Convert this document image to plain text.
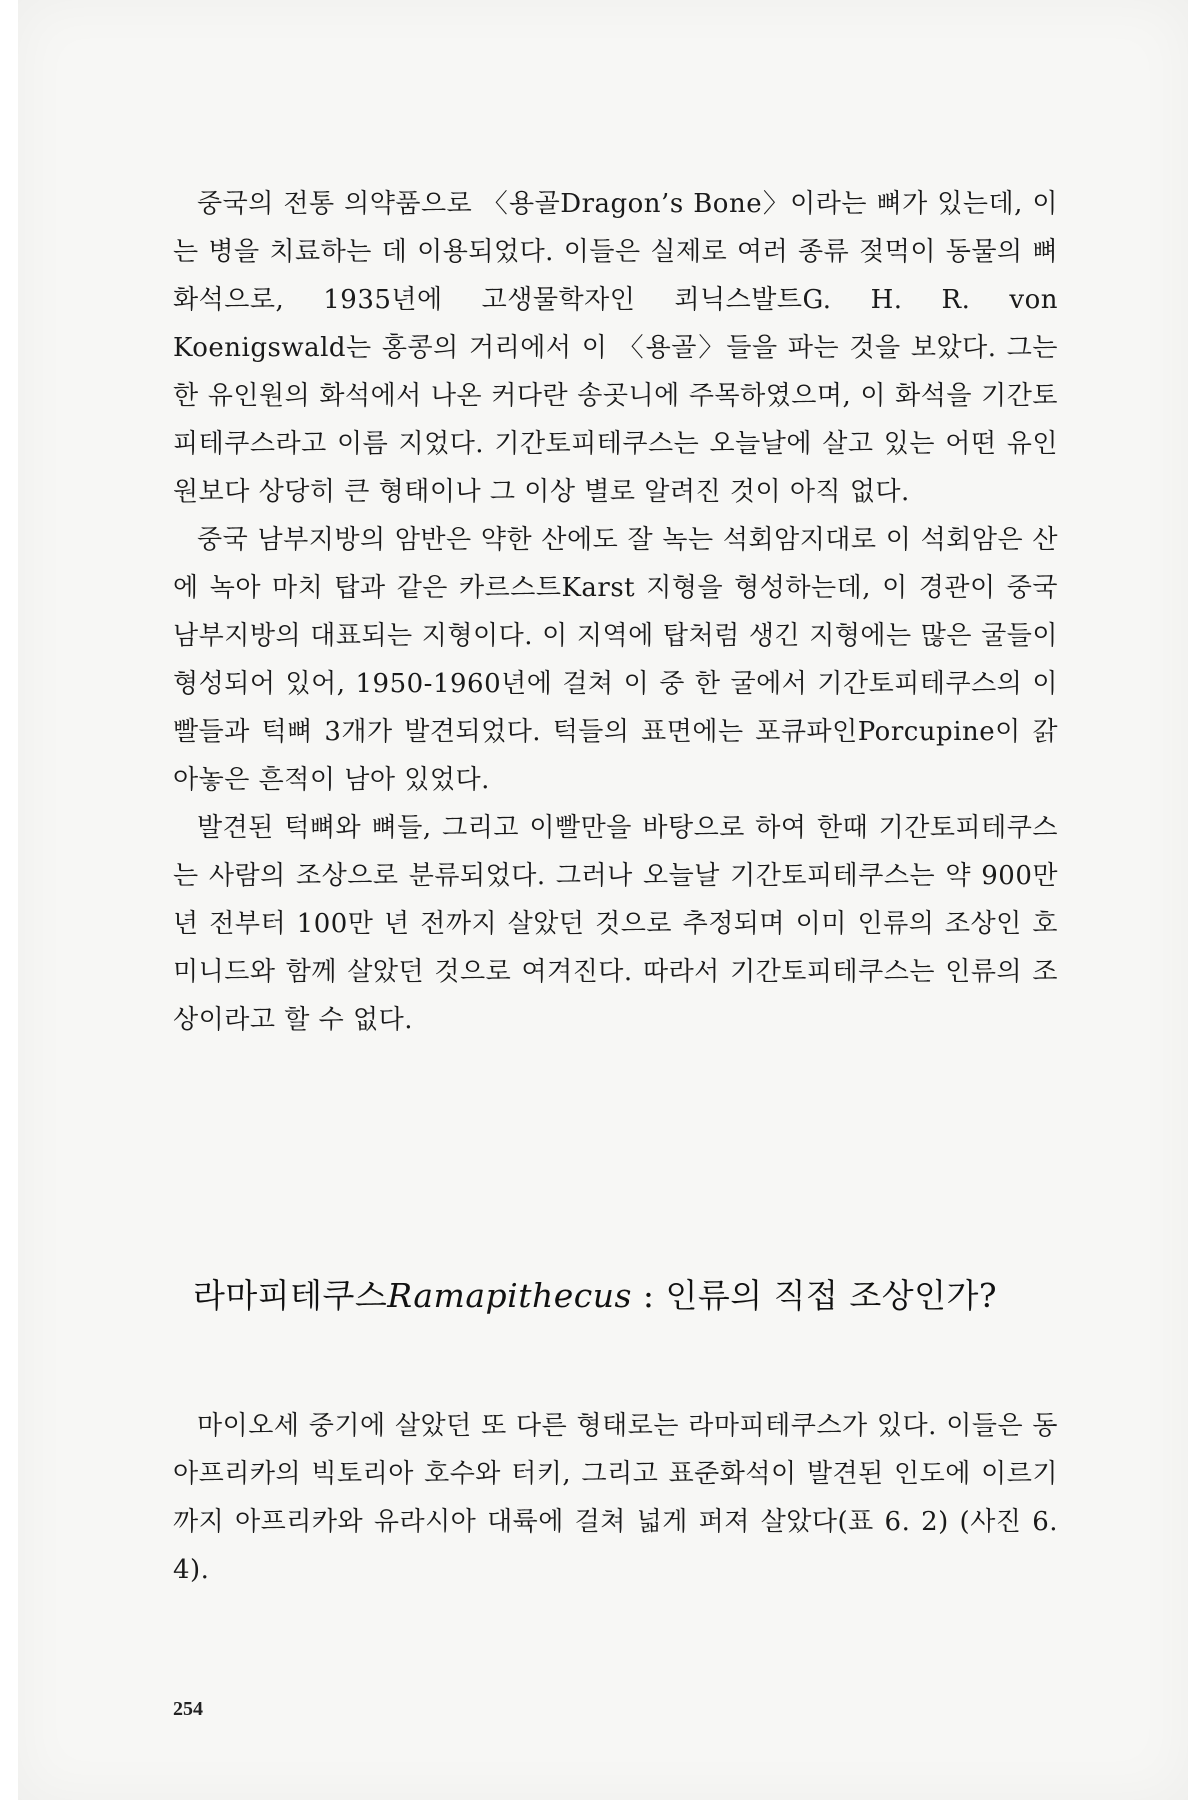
중국의 전통 의약품으로 〈용골Dragon’s Bone〉이라는 뼈가 있는데, 이는 병을 치료하는 데 이용되었다. 이들은 실제로 여러 종류 젖먹이 동물의 뼈화석으로, 1935년에 고생물학자인 쾨닉스발트G. H. R. von Koenigswald는 홍콩의 거리에서 이 〈용골〉들을 파는 것을 보았다. 그는 한 유인원의 화석에서 나온 커다란 송곳니에 주목하였으며, 이 화석을 기간토피테쿠스라고 이름 지었다. 기간토피테쿠스는 오늘날에 살고 있는 어떤 유인원보다 상당히 큰 형태이나 그 이상 별로 알려진 것이 아직 없다.

중국 남부지방의 암반은 약한 산에도 잘 녹는 석회암지대로 이 석회암은 산에 녹아 마치 탑과 같은 카르스트Karst 지형을 형성하는데, 이 경관이 중국 남부지방의 대표되는 지형이다. 이 지역에 탑처럼 생긴 지형에는 많은 굴들이 형성되어 있어, 1950-1960년에 걸쳐 이 중 한 굴에서 기간토피테쿠스의 이빨들과 턱뼈 3개가 발견되었다. 턱들의 표면에는 포큐파인Porcupine이 갉아놓은 흔적이 남아 있었다.

발견된 턱뼈와 뼈들, 그리고 이빨만을 바탕으로 하여 한때 기간토피테쿠스는 사람의 조상으로 분류되었다. 그러나 오늘날 기간토피테쿠스는 약 900만 년 전부터 100만 년 전까지 살았던 것으로 추정되며 이미 인류의 조상인 호미니드와 함께 살았던 것으로 여겨진다. 따라서 기간토피테쿠스는 인류의 조상이라고 할 수 없다.

라마피테쿠스Ramapithecus : 인류의 직접 조상인가?

마이오세 중기에 살았던 또 다른 형태로는 라마피테쿠스가 있다. 이들은 동아프리카의 빅토리아 호수와 터키, 그리고 표준화석이 발견된 인도에 이르기까지 아프리카와 유라시아 대륙에 걸쳐 넓게 퍼져 살았다(표 6. 2) (사진 6. 4).

254
